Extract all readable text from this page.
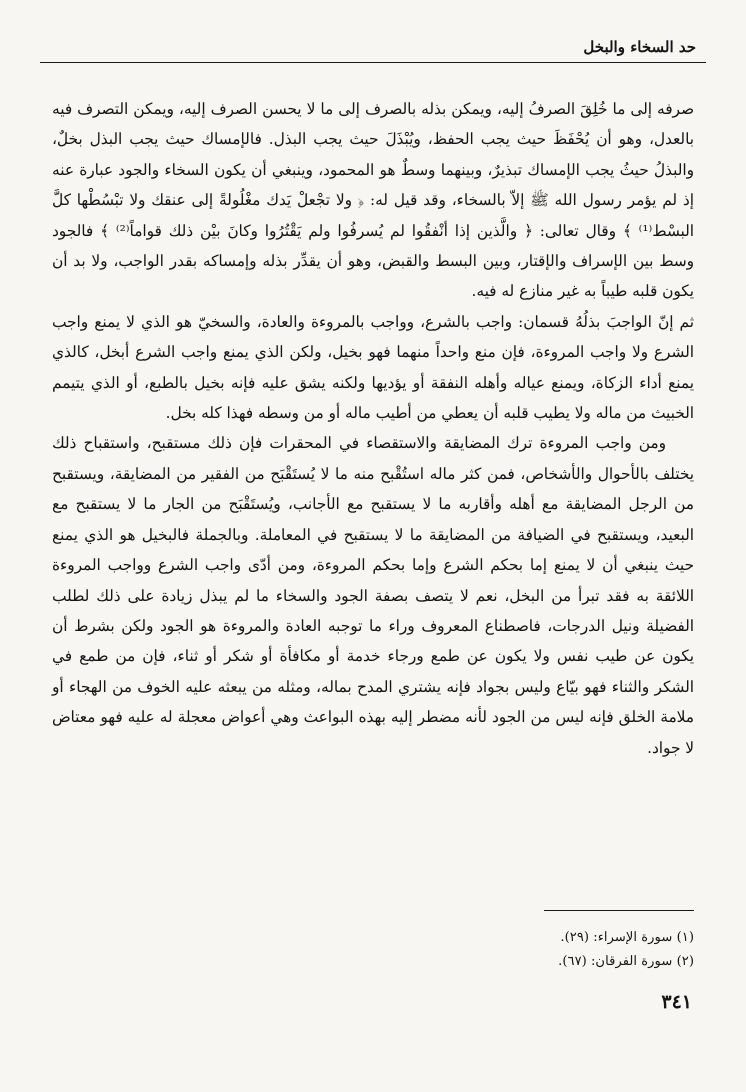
حد السخاء والبخل

صرفه إلى ما خُلِقَ الصرفُ إليه، ويمكن بذله بالصرف إلى ما لا يحسن الصرف إليه، ويمكن التصرف فيه بالعدل، وهو أن يُحْفَظَ حيث يجب الحفظ، ويُبْذَلَ حيث يجب البذل. فالإمساك حيث يجب البذل بخلٌ، والبذلُ حيثُ يجب الإمساك تبذيرٌ، وبينهما وسطٌ هو المحمود، وينبغي أن يكون السخاء والجود عبارة عنه إذ لم يؤمر رسول الله ﷺ إلاّ بالسخاء، وقد قيل له: ﴿ ولا تجْعلْ يَدك مغْلُولةً إلى عنقك ولا تبْسُطْها كلَّ البسْط⁽¹⁾ ﴾ وقال تعالى: ﴿ والَّذين إذا أنْفقُوا لم يُسرفُوا ولم يَقْتُرُوا وكانَ بيْن ذلك قواماً⁽²⁾ ﴾ فالجود وسط بين الإسراف والإقتار، وبين البسط والقبض، وهو أن يقدِّر بذله وإمساكه بقدر الواجب، ولا بد أن يكون قلبه طيباً به غير منازع له فيه.

ثم إنّ الواجبَ بذلُهُ قسمان: واجب بالشرع، وواجب بالمروءة والعادة، والسخيّ هو الذي لا يمنع واجب الشرع ولا واجب المروءة، فإن منع واحداً منهما فهو بخيل، ولكن الذي يمنع واجب الشرع أبخل، كالذي يمنع أداء الزكاة، ويمنع عياله وأهله النفقة أو يؤديها ولكنه يشق عليه فإنه بخيل بالطبع، أو الذي يتيمم الخبيث من ماله ولا يطيب قلبه أن يعطي من أطيب ماله أو من وسطه فهذا كله بخل.

ومن واجب المروءة ترك المضايقة والاستقصاء في المحقرات فإن ذلك مستقبح، واستقباح ذلك يختلف بالأحوال والأشخاص، فمن كثر ماله استُقْبح منه ما لا يُستَقْبَح من الفقير من المضايقة، ويستقبح من الرجل المضايقة مع أهله وأقاربه ما لا يستقبح مع الأجانب، ويُستَقْبَح من الجار ما لا يستقبح مع البعيد، ويستقبح في الضيافة من المضايقة ما لا يستقبح في المعاملة. وبالجملة فالبخيل هو الذي يمنع حيث ينبغي أن لا يمنع إما بحكم الشرع وإما بحكم المروءة، ومن أدّى واجب الشرع وواجب المروءة اللائقة به فقد تبرأ من البخل، نعم لا يتصف بصفة الجود والسخاء ما لم يبذل زيادة على ذلك لطلب الفضيلة ونيل الدرجات، فاصطناع المعروف وراء ما توجبه العادة والمروءة هو الجود ولكن بشرط أن يكون عن طيب نفس ولا يكون عن طمع ورجاء خدمة أو مكافأة أو شكر أو ثناء، فإن من طمع في الشكر والثناء فهو بيّاع وليس بجواد فإنه يشتري المدح بماله، ومثله من يبعثه عليه الخوف من الهجاء أو ملامة الخلق فإنه ليس من الجود لأنه مضطر إليه بهذه البواعث وهي أعواض معجلة له عليه فهو معتاض لا جواد.

(١) سورة الإسراء: (٢٩).
(٢) سورة الفرقان: (٦٧).
٣٤١
